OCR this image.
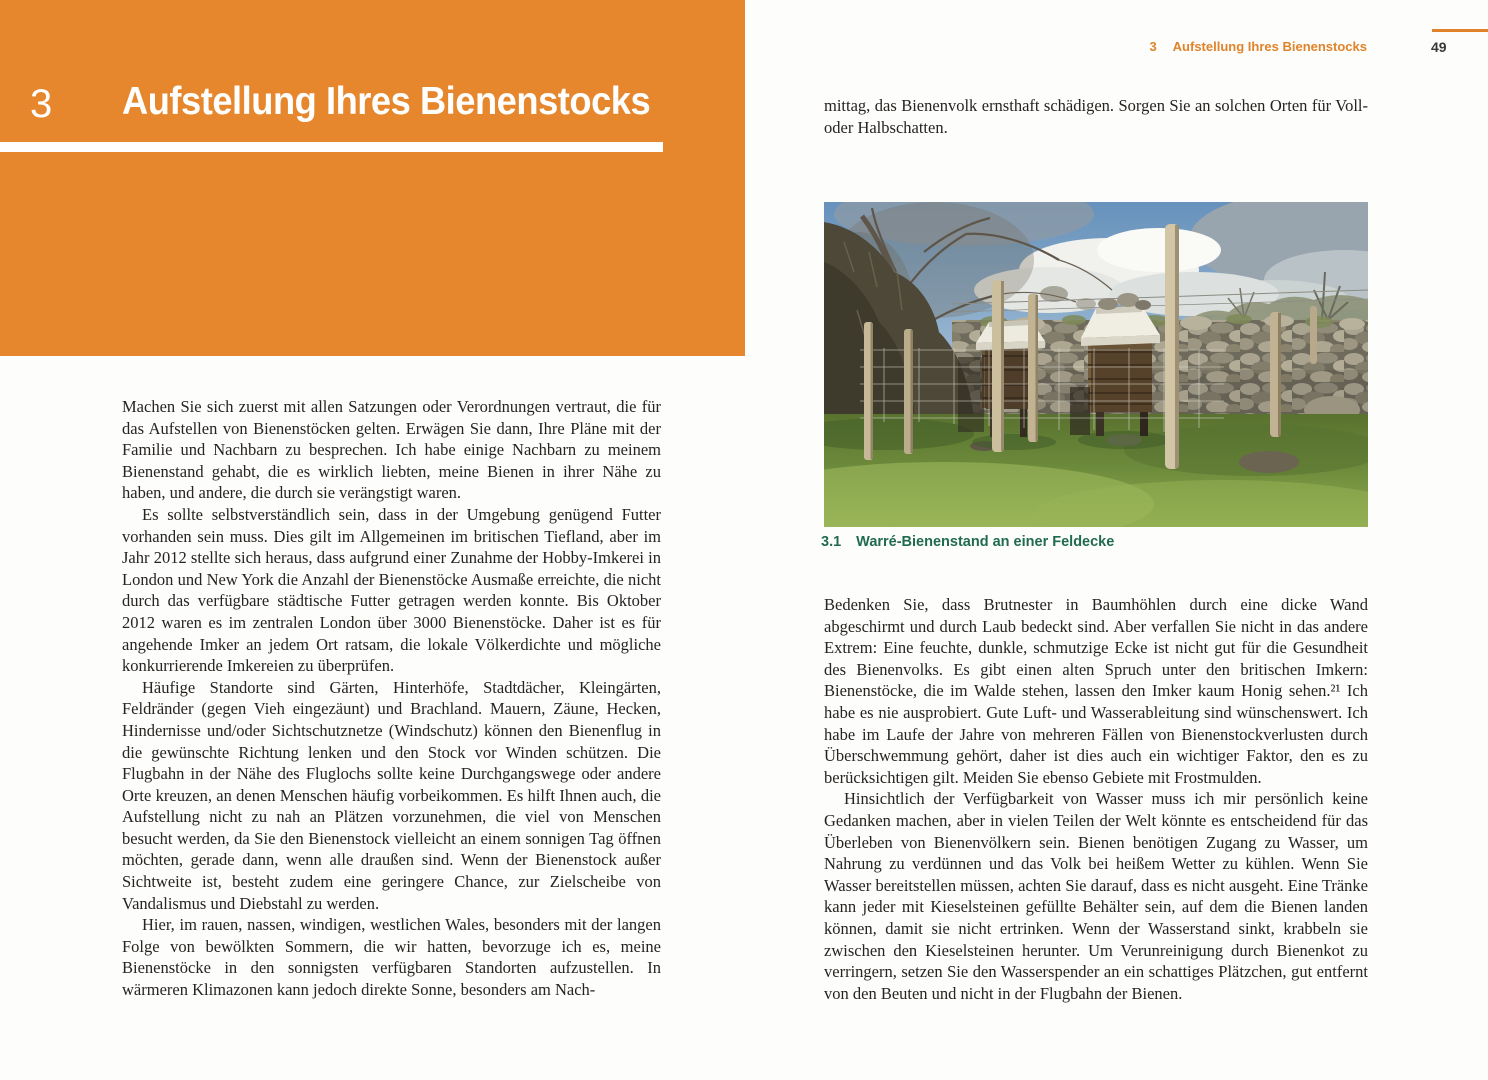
3 Aufstellung Ihres Bienenstocks

Machen Sie sich zuerst mit allen Satzungen oder Verordnungen vertraut, die für das Aufstellen von Bienenstöcken gelten. Erwägen Sie dann, Ihre Pläne mit der Familie und Nachbarn zu besprechen. Ich habe einige Nachbarn zu meinem Bienenstand gehabt, die es wirklich liebten, meine Bienen in ihrer Nähe zu haben, und andere, die durch sie verängstigt waren.

Es sollte selbstverständlich sein, dass in der Umgebung genügend Futter vorhanden sein muss. Dies gilt im Allgemeinen im britischen Tiefland, aber im Jahr 2012 stellte sich heraus, dass aufgrund einer Zunahme der Hobby-Imkerei in London und New York die Anzahl der Bienenstöcke Ausmaße erreichte, die nicht durch das verfügbare städtische Futter getragen werden konnte. Bis Oktober 2012 waren es im zentralen London über 3000 Bienenstöcke. Daher ist es für angehende Imker an jedem Ort ratsam, die lokale Völkerdichte und mögliche konkurrierende Imkereien zu überprüfen.

Häufige Standorte sind Gärten, Hinterhöfe, Stadtdächer, Kleingärten, Feldränder (gegen Vieh eingezäunt) und Brachland. Mauern, Zäune, Hecken, Hindernisse und/oder Sichtschutznetze (Windschutz) können den Bienenflug in die gewünschte Richtung lenken und den Stock vor Winden schützen. Die Flugbahn in der Nähe des Fluglochs sollte keine Durchgangswege oder andere Orte kreuzen, an denen Menschen häufig vorbeikommen. Es hilft Ihnen auch, die Aufstellung nicht zu nah an Plätzen vorzunehmen, die viel von Menschen besucht werden, da Sie den Bienenstock vielleicht an einem sonnigen Tag öffnen möchten, gerade dann, wenn alle draußen sind. Wenn der Bienenstock außer Sichtweite ist, besteht zudem eine geringere Chance, zur Zielscheibe von Vandalismus und Diebstahl zu werden.

Hier, im rauen, nassen, windigen, westlichen Wales, besonders mit der langen Folge von bewölkten Sommern, die wir hatten, bevorzuge ich es, meine Bienenstöcke in den sonnigsten verfügbaren Standorten aufzustellen. In wärmeren Klimazonen kann jedoch direkte Sonne, besonders am Nach-

3 Aufstellung Ihres Bienenstocks	49

mittag, das Bienenvolk ernsthaft schädigen. Sorgen Sie an solchen Orten für Voll- oder Halbschatten.

3.1 Warré-Bienenstand an einer Feldecke

Bedenken Sie, dass Brutnester in Baumhöhlen durch eine dicke Wand abgeschirmt und durch Laub bedeckt sind. Aber verfallen Sie nicht in das andere Extrem: Eine feuchte, dunkle, schmutzige Ecke ist nicht gut für die Gesundheit des Bienenvolks. Es gibt einen alten Spruch unter den britischen Imkern: Bienenstöcke, die im Walde stehen, lassen den Imker kaum Honig sehen.²¹ Ich habe es nie ausprobiert. Gute Luft- und Wasserableitung sind wünschenswert. Ich habe im Laufe der Jahre von mehreren Fällen von Bienenstockverlusten durch Überschwemmung gehört, daher ist dies auch ein wichtiger Faktor, den es zu berücksichtigen gilt. Meiden Sie ebenso Gebiete mit Frostmulden.

Hinsichtlich der Verfügbarkeit von Wasser muss ich mir persönlich keine Gedanken machen, aber in vielen Teilen der Welt könnte es entscheidend für das Überleben von Bienenvölkern sein. Bienen benötigen Zugang zu Wasser, um Nahrung zu verdünnen und das Volk bei heißem Wetter zu kühlen. Wenn Sie Wasser bereitstellen müssen, achten Sie darauf, dass es nicht ausgeht. Eine Tränke kann jeder mit Kieselsteinen gefüllte Behälter sein, auf dem die Bienen landen können, damit sie nicht ertrinken. Wenn der Wasserstand sinkt, krabbeln sie zwischen den Kieselsteinen herunter. Um Verunreinigung durch Bienenkot zu verringern, setzen Sie den Wasserspender an ein schattiges Plätzchen, gut entfernt von den Beuten und nicht in der Flugbahn der Bienen.
